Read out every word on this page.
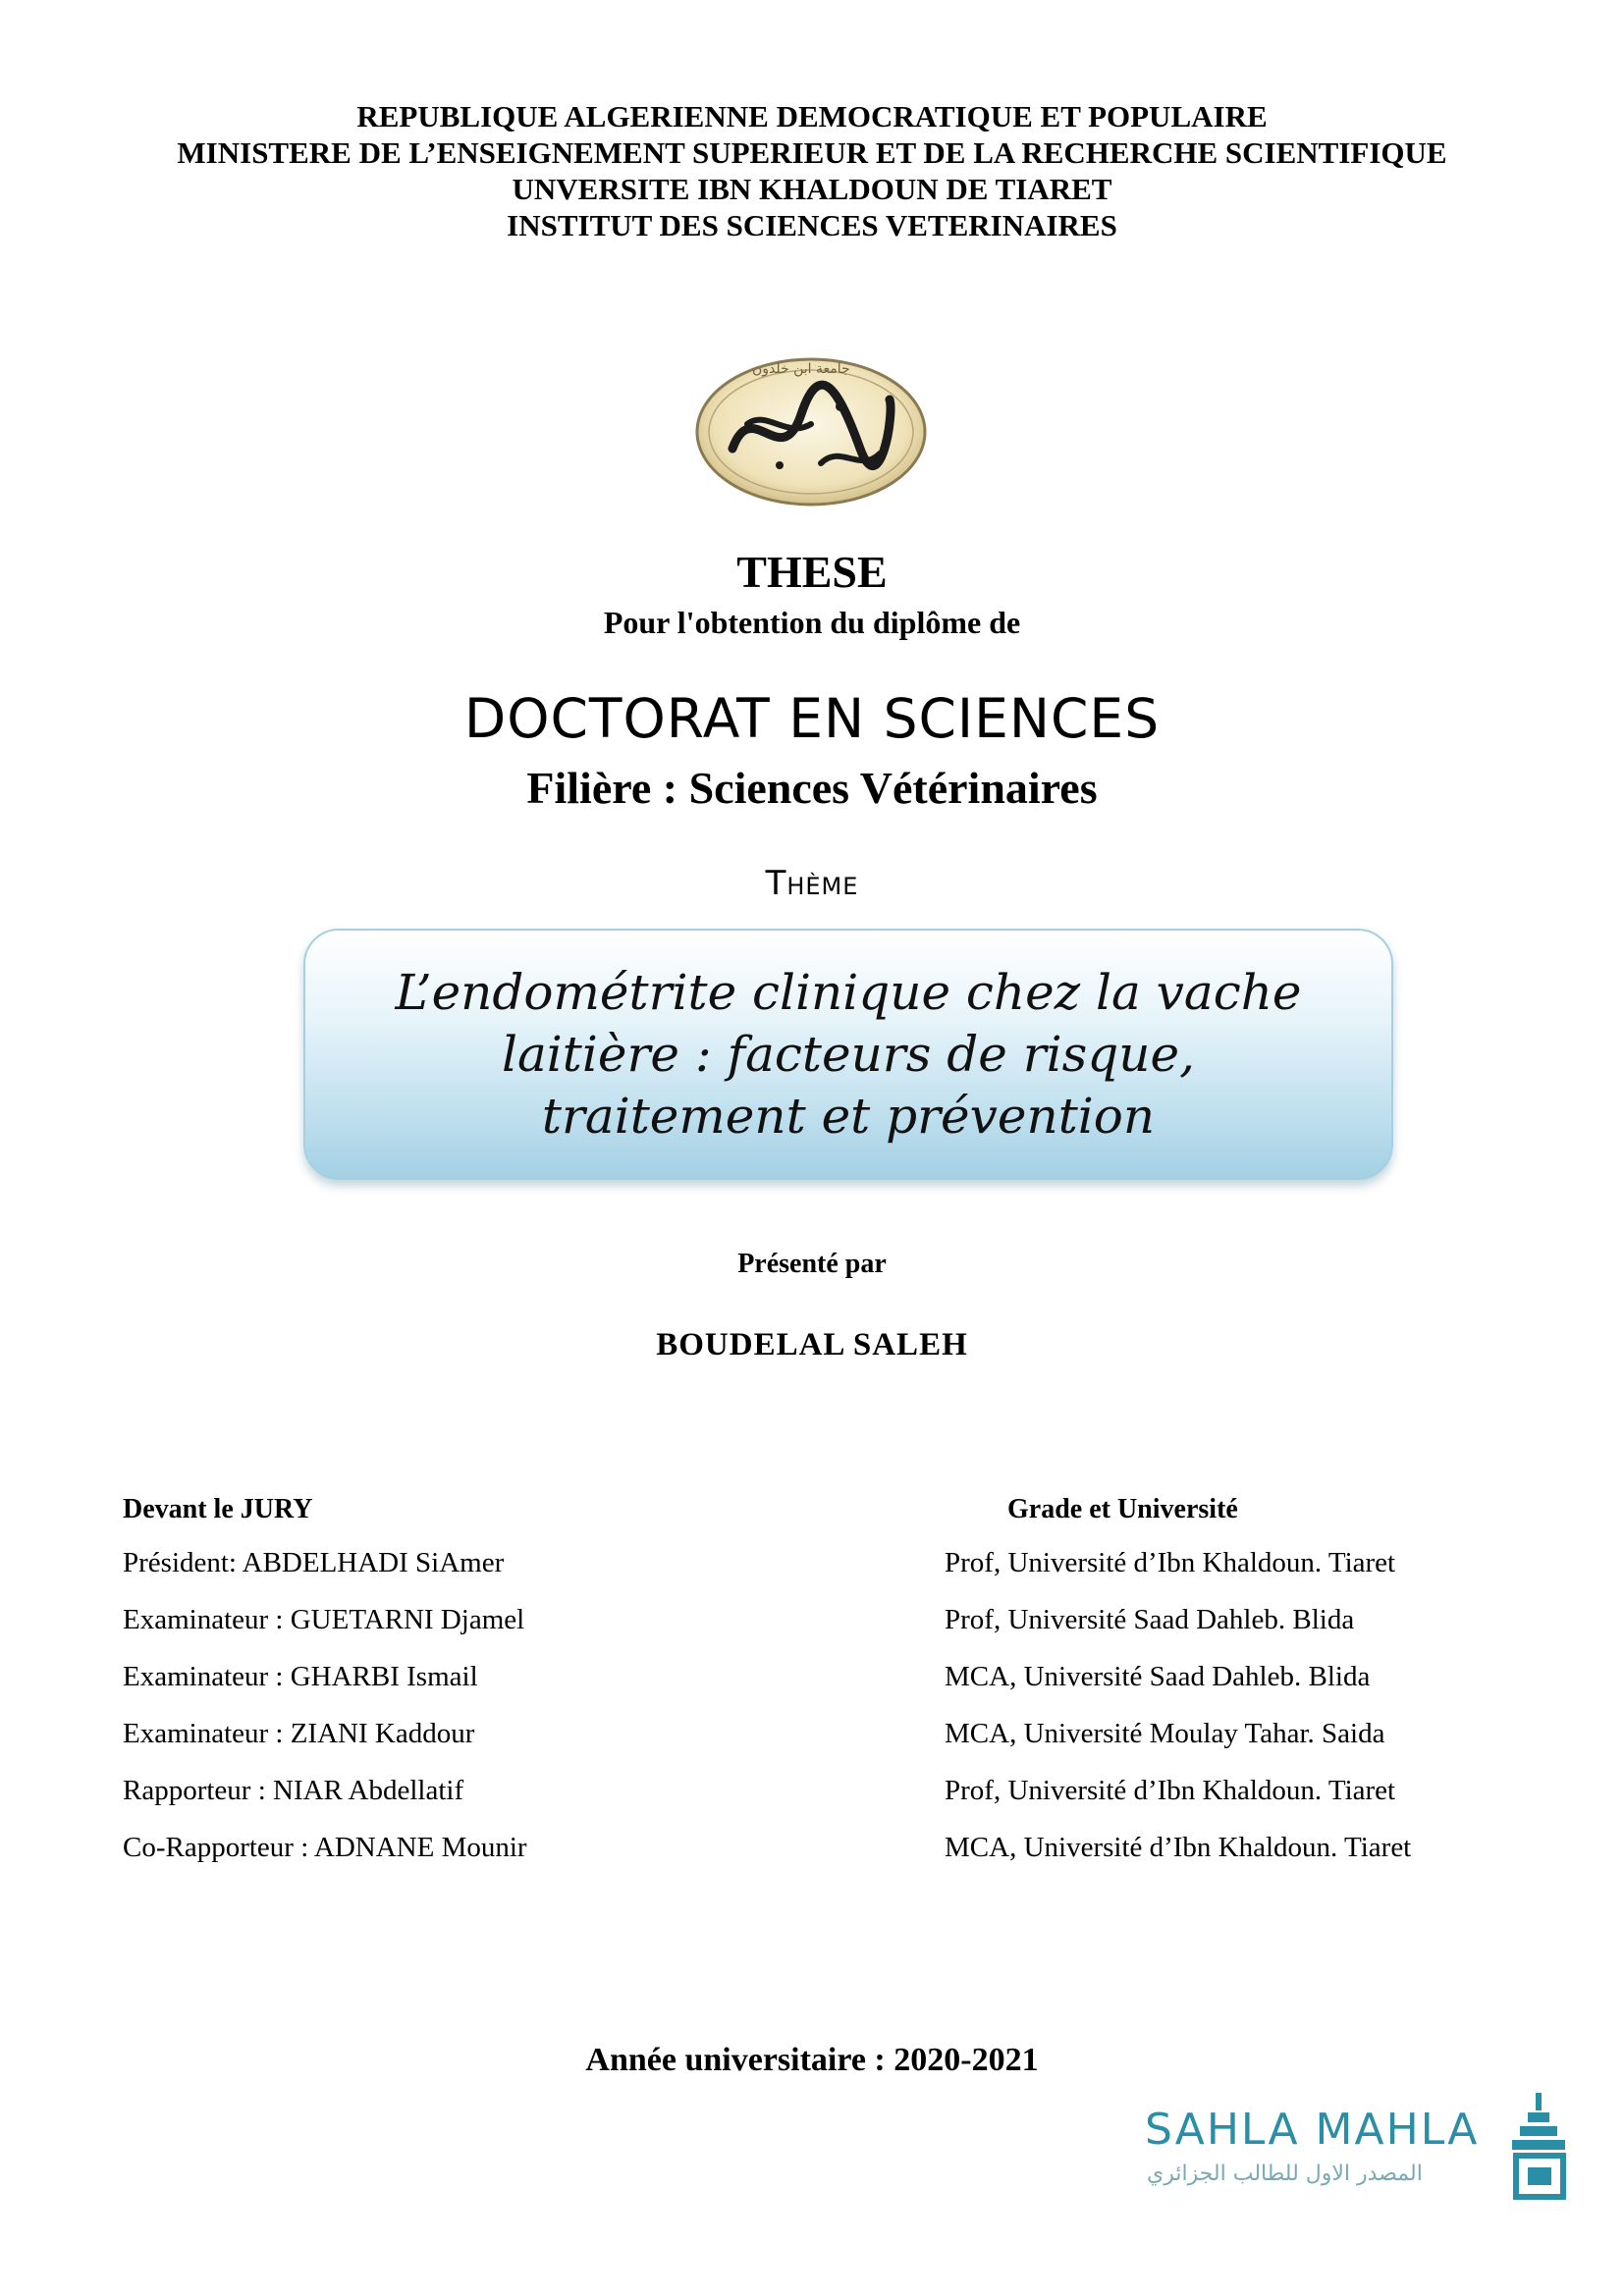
REPUBLIQUE ALGERIENNE DEMOCRATIQUE ET POPULAIRE
MINISTERE DE L’ENSEIGNEMENT SUPERIEUR ET DE LA RECHERCHE SCIENTIFIQUE
UNVERSITE IBN KHALDOUN DE TIARET
INSTITUT DES SCIENCES VETERINAIRES
جامعة ابن خلدون
THESE
Pour l'obtention du diplôme de
DOCTORAT EN SCIENCES
Filière : Sciences Vétérinaires
Thème
L’endométrite clinique chez la vache
laitière : facteurs de risque,
traitement et prévention
Présenté par
BOUDELAL SALEH
Devant le JURY	Grade et Université
Président: ABDELHADI SiAmer	Prof, Université d’Ibn Khaldoun. Tiaret
Examinateur : GUETARNI Djamel	Prof, Université Saad Dahleb. Blida
Examinateur : GHARBI Ismail	MCA, Université Saad Dahleb. Blida
Examinateur : ZIANI Kaddour	MCA, Université Moulay Tahar. Saida
Rapporteur : NIAR Abdellatif	Prof, Université d’Ibn Khaldoun. Tiaret
Co-Rapporteur : ADNANE Mounir	MCA, Université d’Ibn Khaldoun. Tiaret
Année universitaire : 2020-2021
SAHLA MAHLA
المصدر الاول للطالب الجزائري
